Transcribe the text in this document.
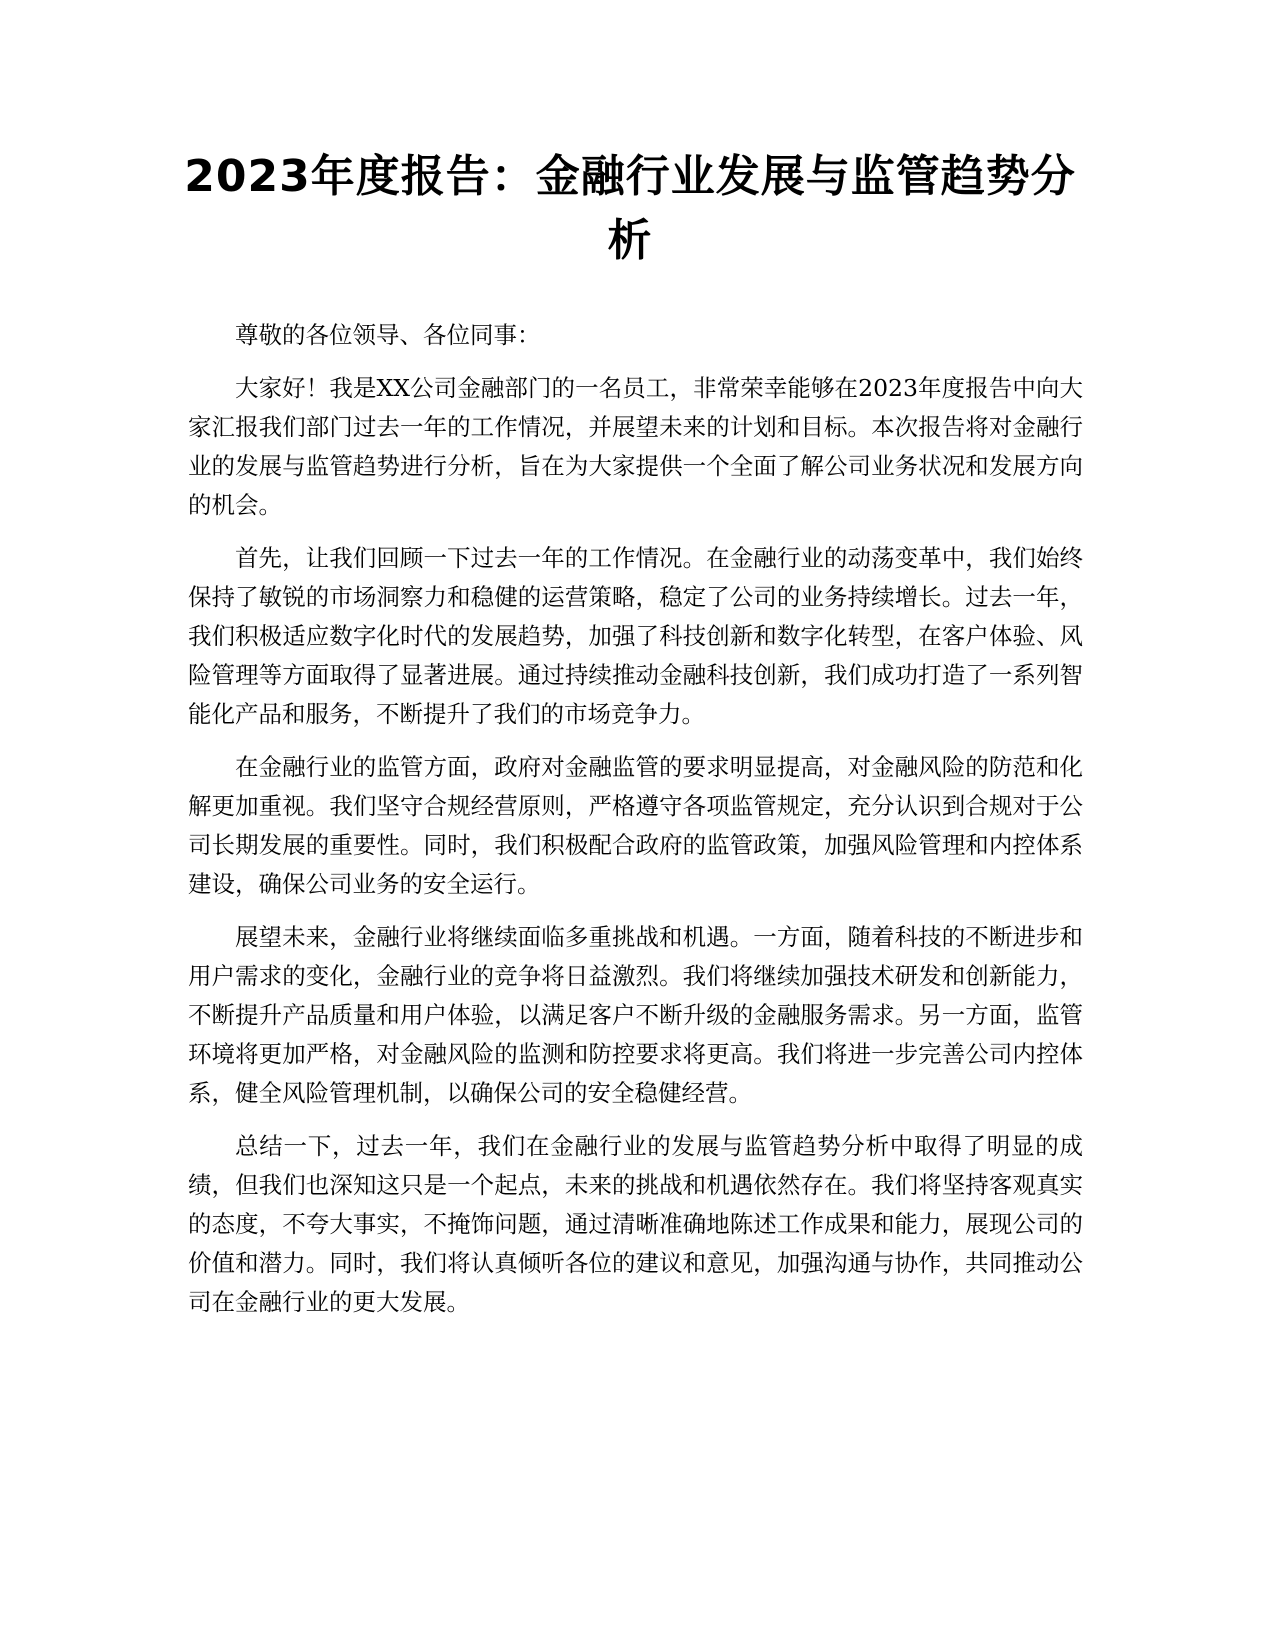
2023年度报告：金融行业发展与监管趋势分析

尊敬的各位领导、各位同事：

大家好！我是XX公司金融部门的一名员工，非常荣幸能够在2023年度报告中向大家汇报我们部门过去一年的工作情况，并展望未来的计划和目标。本次报告将对金融行业的发展与监管趋势进行分析，旨在为大家提供一个全面了解公司业务状况和发展方向的机会。

首先，让我们回顾一下过去一年的工作情况。在金融行业的动荡变革中，我们始终保持了敏锐的市场洞察力和稳健的运营策略，稳定了公司的业务持续增长。过去一年，我们积极适应数字化时代的发展趋势，加强了科技创新和数字化转型，在客户体验、风险管理等方面取得了显著进展。通过持续推动金融科技创新，我们成功打造了一系列智能化产品和服务，不断提升了我们的市场竞争力。

在金融行业的监管方面，政府对金融监管的要求明显提高，对金融风险的防范和化解更加重视。我们坚守合规经营原则，严格遵守各项监管规定，充分认识到合规对于公司长期发展的重要性。同时，我们积极配合政府的监管政策，加强风险管理和内控体系建设，确保公司业务的安全运行。

展望未来，金融行业将继续面临多重挑战和机遇。一方面，随着科技的不断进步和用户需求的变化，金融行业的竞争将日益激烈。我们将继续加强技术研发和创新能力，不断提升产品质量和用户体验，以满足客户不断升级的金融服务需求。另一方面，监管环境将更加严格，对金融风险的监测和防控要求将更高。我们将进一步完善公司内控体系，健全风险管理机制，以确保公司的安全稳健经营。

总结一下，过去一年，我们在金融行业的发展与监管趋势分析中取得了明显的成绩，但我们也深知这只是一个起点，未来的挑战和机遇依然存在。我们将坚持客观真实的态度，不夸大事实，不掩饰问题，通过清晰准确地陈述工作成果和能力，展现公司的价值和潜力。同时，我们将认真倾听各位的建议和意见，加强沟通与协作，共同推动公司在金融行业的更大发展。
